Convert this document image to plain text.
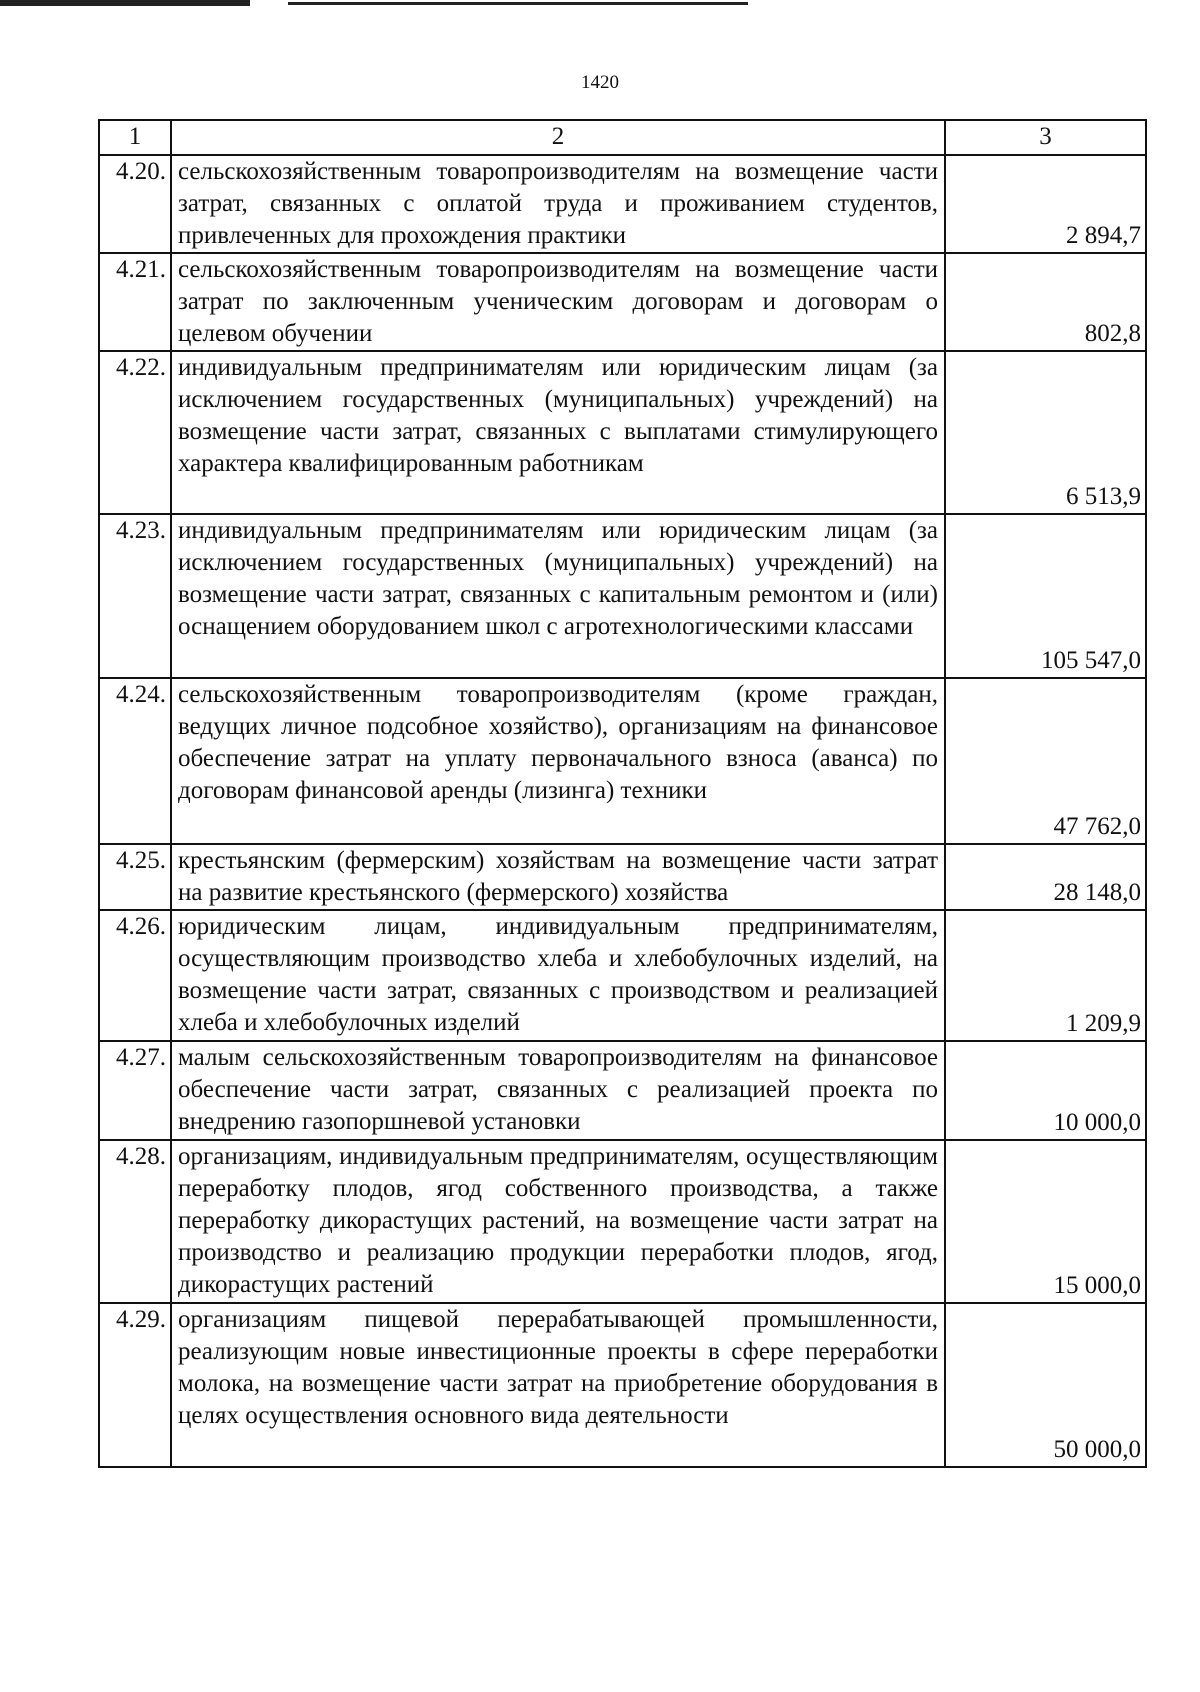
1420
1	2	3
4.20.	сельскохозяйственным товаропроизводителям на возмещение части затрат, связанных с оплатой труда и проживанием студентов, привлеченных для прохождения практики	2 894,7
4.21.	сельскохозяйственным товаропроизводителям на возмещение части затрат по заключенным ученическим договорам и договорам о целевом обучении	802,8
4.22.	индивидуальным предпринимателям или юридическим лицам (за исключением государственных (муниципальных) учреждений) на возмещение части затрат, связанных с выплатами стимулирующего характера квалифицированным работникам	6 513,9
4.23.	индивидуальным предпринимателям или юридическим лицам (за исключением государственных (муниципальных) учреждений) на возмещение части затрат, связанных с капитальным ремонтом и (или) оснащением оборудованием школ с агротехнологическими классами	105 547,0
4.24.	сельскохозяйственным товаропроизводителям (кроме граждан, ведущих личное подсобное хозяйство), организациям на финансовое обеспечение затрат на уплату первоначального взноса (аванса) по договорам финансовой аренды (лизинга) техники	47 762,0
4.25.	крестьянским (фермерским) хозяйствам на возмещение части затрат на развитие крестьянского (фермерского) хозяйства	28 148,0
4.26.	юридическим лицам, индивидуальным предпринимателям, осуществляющим производство хлеба и хлебобулочных изделий, на возмещение части затрат, связанных с производством и реализацией хлеба и хлебобулочных изделий	1 209,9
4.27.	малым сельскохозяйственным товаропроизводителям на финансовое обеспечение части затрат, связанных с реализацией проекта по внедрению газопоршневой установки	10 000,0
4.28.	организациям, индивидуальным предпринимателям, осуществляющим переработку плодов, ягод собственного производства, а также переработку дикорастущих растений, на возмещение части затрат на производство и реализацию продукции переработки плодов, ягод, дикорастущих растений	15 000,0
4.29.	организациям пищевой перерабатывающей промышленности, реализующим новые инвестиционные проекты в сфере переработки молока, на возмещение части затрат на приобретение оборудования в целях осуществления основного вида деятельности	50 000,0
